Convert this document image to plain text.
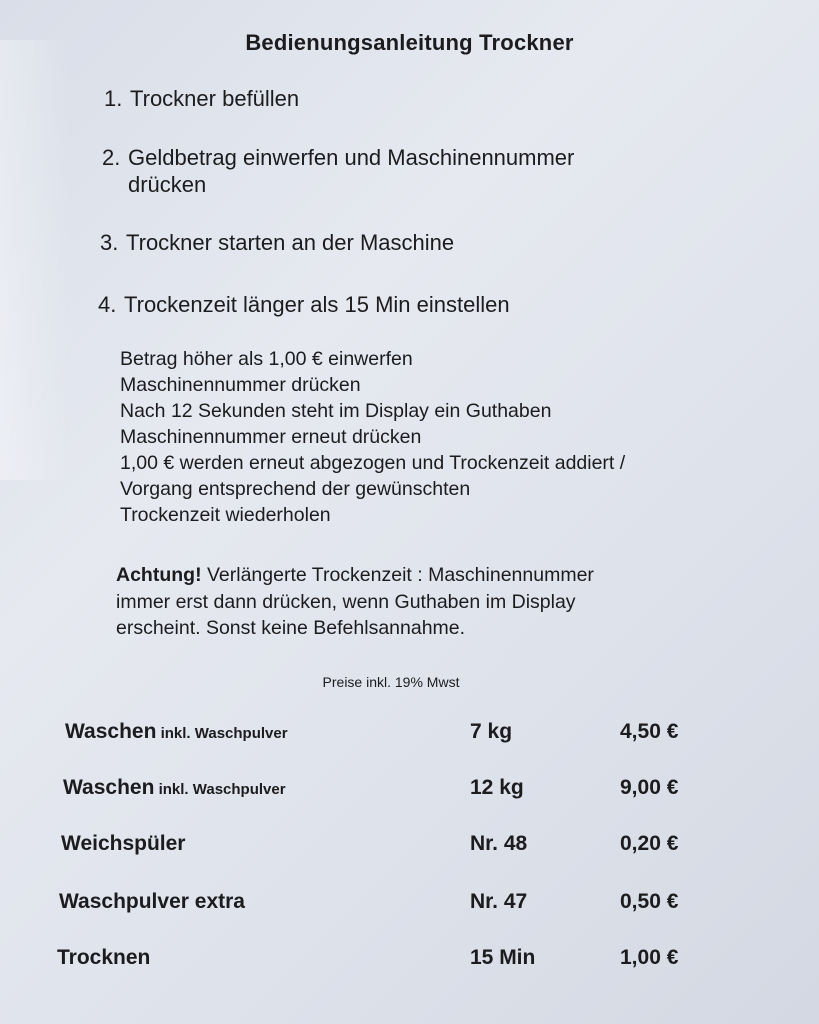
Bedienungsanleitung Trockner
1. Trockner befüllen
2. Geldbetrag einwerfen und Maschinennummer
drücken
3. Trockner starten an der Maschine
4. Trockenzeit länger als 15 Min einstellen
Betrag höher als 1,00 € einwerfen
Maschinennummer drücken
Nach 12 Sekunden steht im Display ein Guthaben
Maschinennummer erneut drücken
1,00 € werden erneut abgezogen und Trockenzeit addiert /
Vorgang entsprechend der gewünschten
Trockenzeit wiederholen
Achtung! Verlängerte Trockenzeit : Maschinennummer
immer erst dann drücken, wenn Guthaben im Display
erscheint. Sonst keine Befehlsannahme.
Preise inkl. 19% Mwst
Waschen inkl. Waschpulver	7 kg	4,50 €
Waschen inkl. Waschpulver	12 kg	9,00 €
Weichspüler	Nr. 48	0,20 €
Waschpulver extra	Nr. 47	0,50 €
Trocknen	15 Min	1,00 €
